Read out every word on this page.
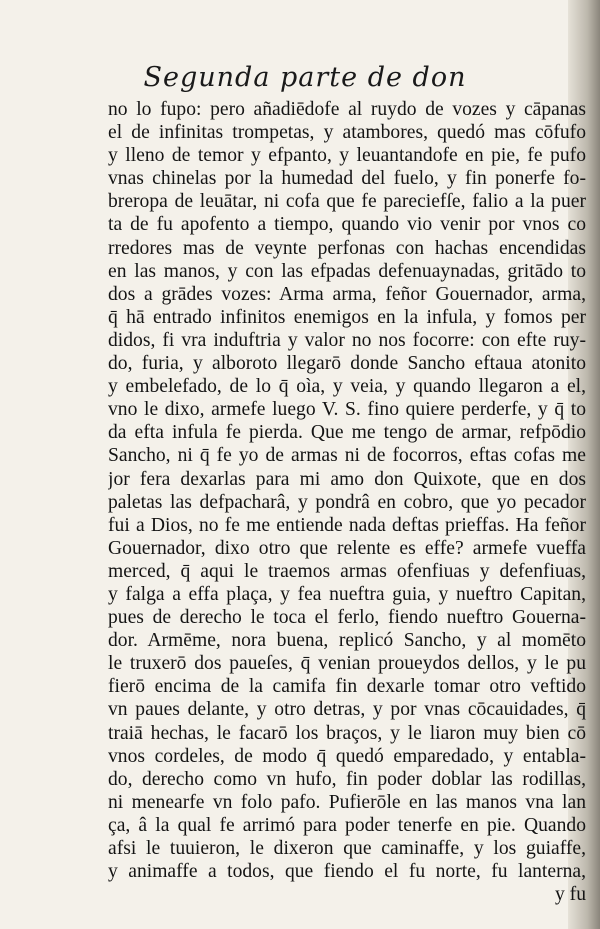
Segunda parte de don
no lo fupo: pero añadiēdofe al ruydo de vozes y cāpanas
el de infinitas trompetas, y atambores, quedó mas cōfufo
y lleno de temor y efpanto, y leuantandofe en pie, fe pufo
vnas chinelas por la humedad del fuelo, y fin ponerfe fo-
breropa de leuātar, ni cofa que fe pareciefſe, falio a la puer
ta de fu apofento a tiempo, quando vio venir por vnos co
rredores mas de veynte perfonas con hachas encendidas
en las manos, y con las efpadas defenuaynadas, gritādo to
dos a grādes vozes: Arma arma, feñor Gouernador, arma,
q̄ hā entrado infinitos enemigos en la infula, y fomos per
didos, fi vra induftria y valor no nos focorre: con efte ruy-
do, furia, y alboroto llegarō donde Sancho eftaua atonito
y embelefado, de lo q̄ oìa, y veia, y quando llegaron a el,
vno le dixo, armefe luego V. S. fino quiere perderfe, y q̄ to
da efta infula fe pierda. Que me tengo de armar, refpōdio
Sancho, ni q̄ fe yo de armas ni de focorros, eftas cofas me
jor fera dexarlas para mi amo don Quixote, que en dos
paletas las defpacharâ, y pondrâ en cobro, que yo pecador
fui a Dios, no fe me entiende nada deftas prieffas. Ha feñor
Gouernador, dixo otro que relente es effe? armefe vueffa
merced, q̄ aqui le traemos armas ofenfiuas y defenfiuas,
y falga a effa plaça, y fea nueftra guia, y nueftro Capitan,
pues de derecho le toca el ferlo, fiendo nueftro Gouerna-
dor. Armēme, nora buena, replicó Sancho, y al momēto
le truxerō dos paueſes, q̄ venian proueydos dellos, y le pu
fierō encima de la camifa fin dexarle tomar otro veftido
vn paues delante, y otro detras, y por vnas cōcauidades, q̄
traiā hechas, le facarō los braços, y le liaron muy bien cō
vnos cordeles, de modo q̄ quedó emparedado, y entabla-
do, derecho como vn hufo, fin poder doblar las rodillas,
ni menearfe vn folo pafo. Pufierōle en las manos vna lan
ça, â la qual fe arrimó para poder tenerfe en pie. Quando
afsi le tuuieron, le dixeron que caminaffe, y los guiaffe,
y animaffe a todos, que fiendo el fu norte, fu lanterna,
y fu
